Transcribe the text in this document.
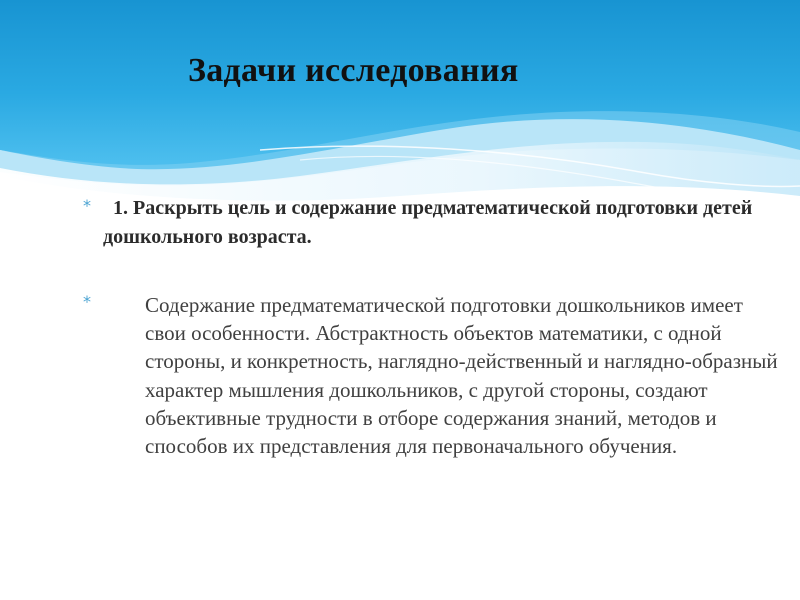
Задачи исследования
*	1. Раскрыть цель и содержание предматематической подготовки детей дошкольного возраста.
*	Содержание предматематической подготовки дошкольников имеет свои особенности. Абстрактность объектов математики, с одной стороны, и конкретность, наглядно-действенный и наглядно-образный характер мышления дошкольников, с другой стороны, создают объективные трудности в отборе содержания знаний, методов и способов их представления для первоначального обучения.
